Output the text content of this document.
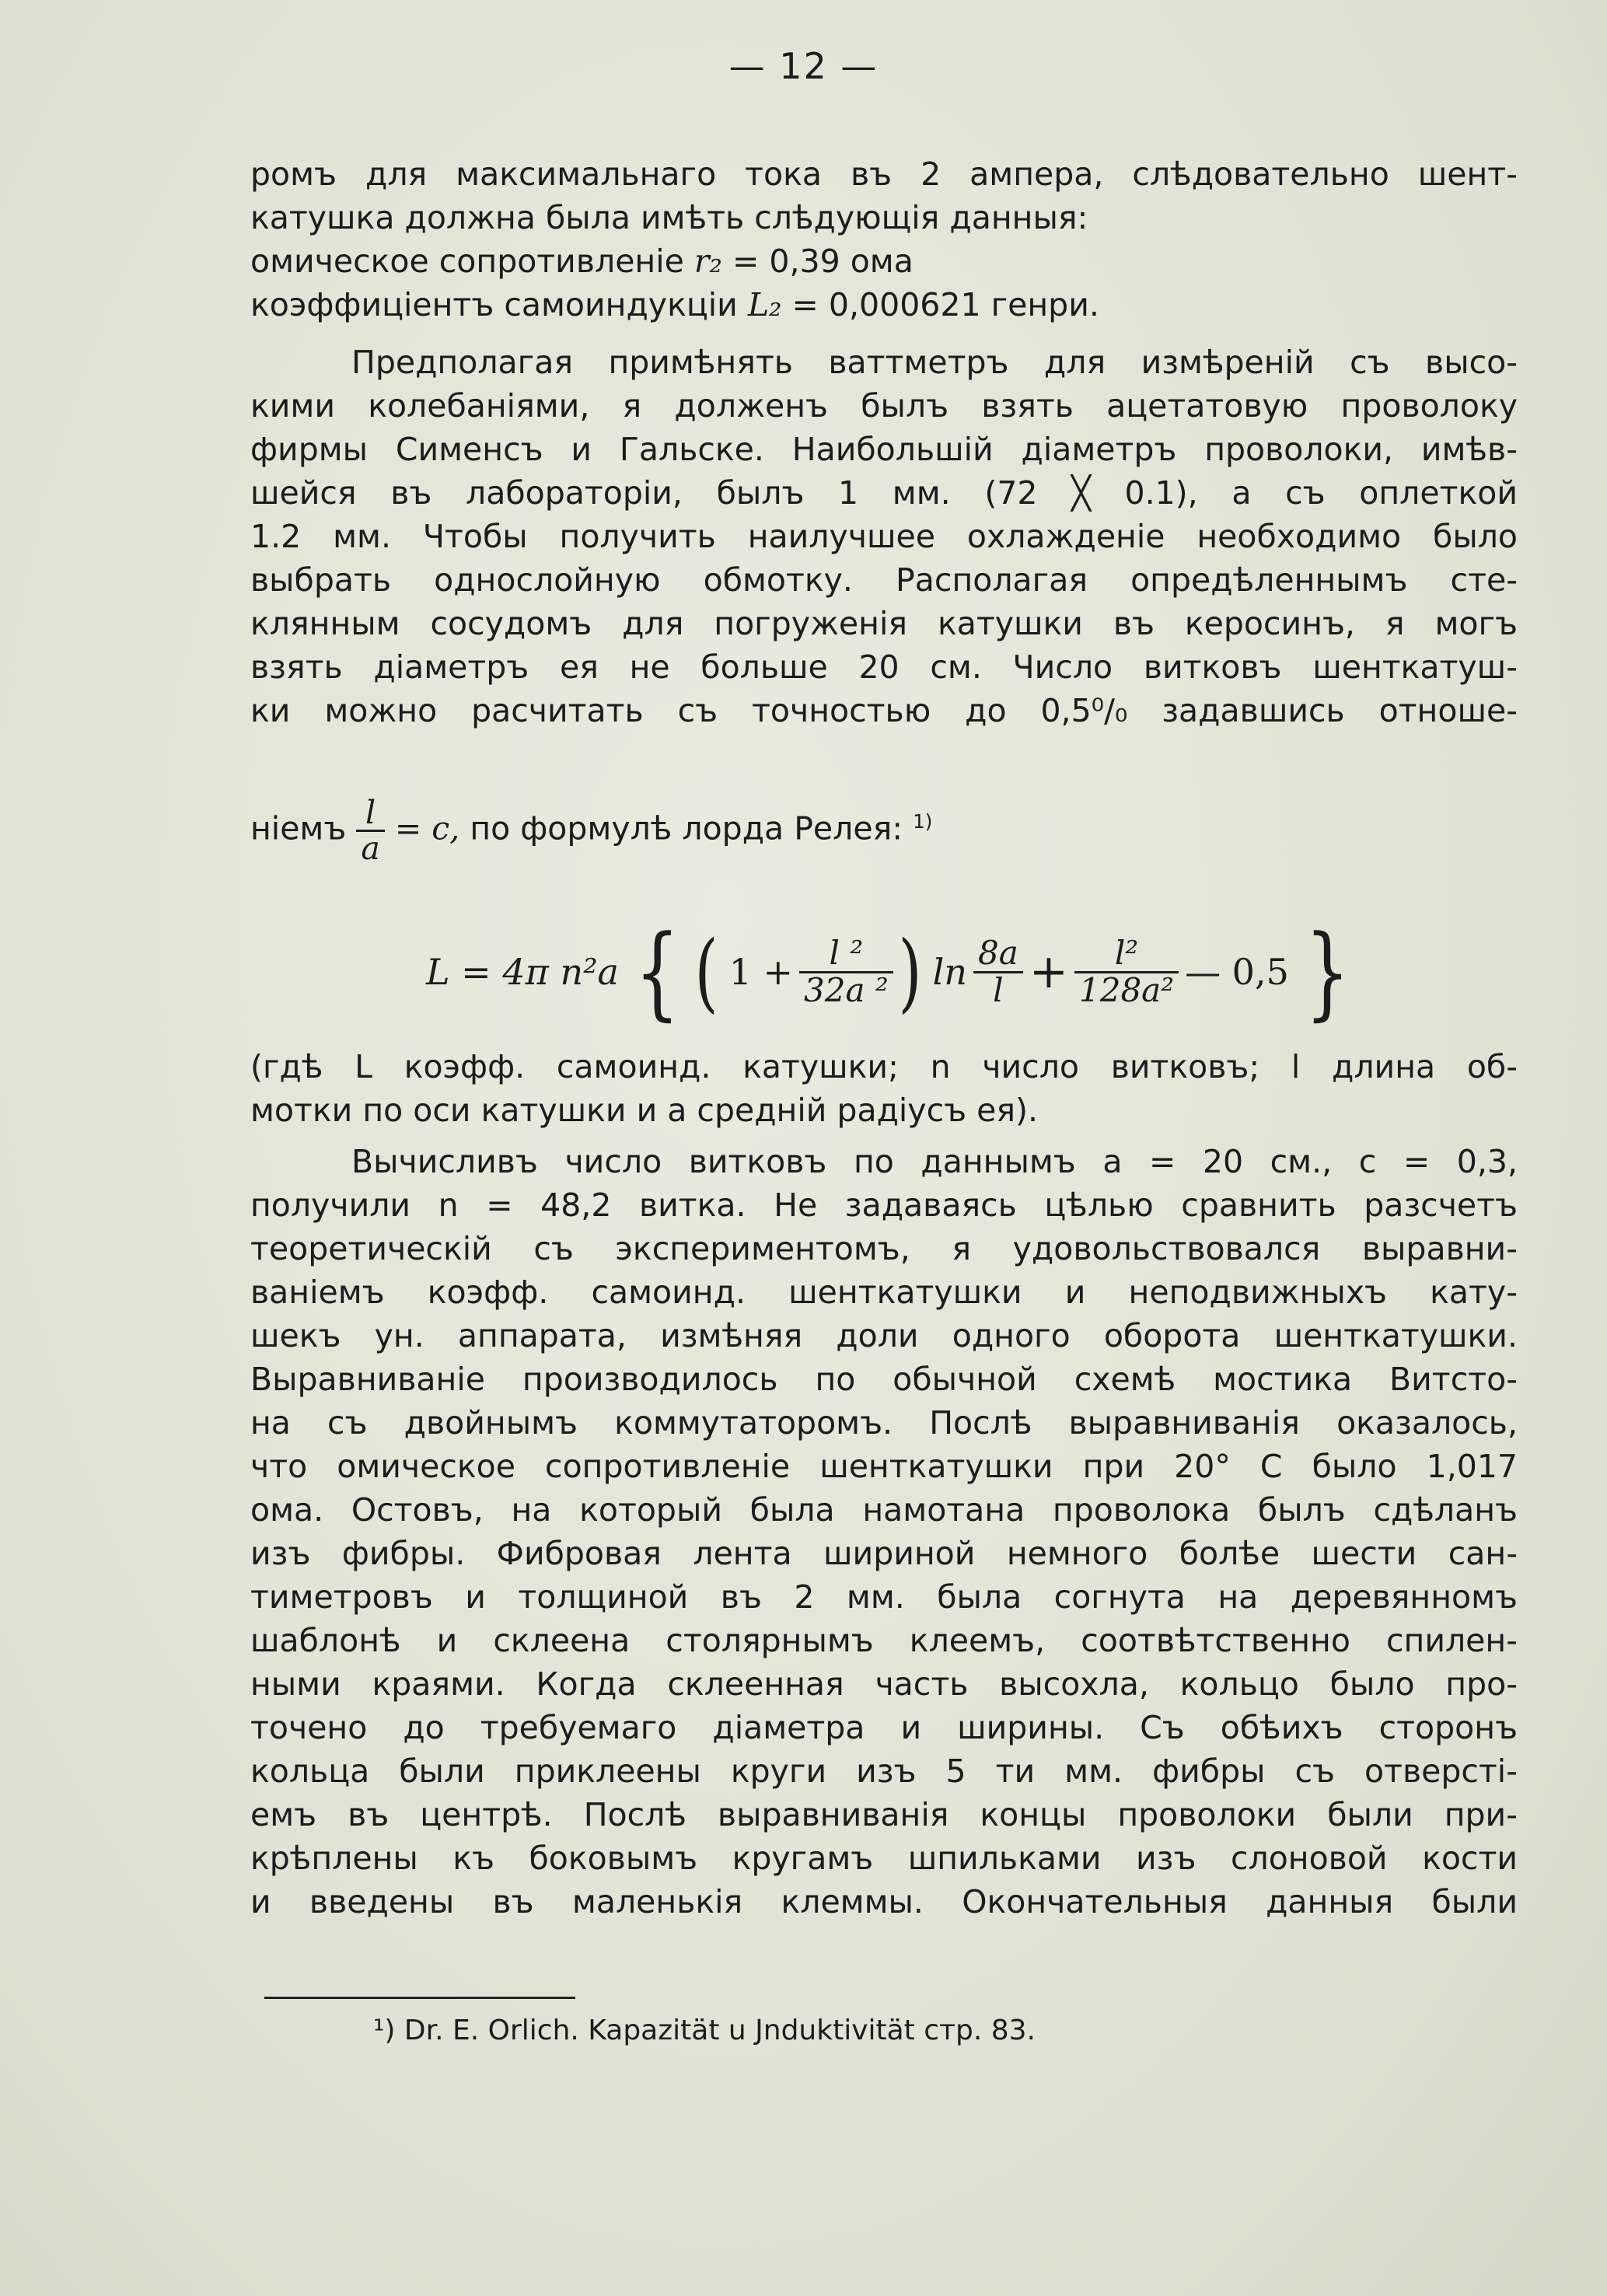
— 12 —
ромъ для максимальнаго тока въ 2 ампера, слѣдовательно шент-
катушка должна была имѣть слѣдующія данныя:
омическое сопротивленіе r₂ = 0,39 ома
коэффиціентъ самоиндукціи L₂ = 0,000621 генри.
Предполагая примѣнять ваттметръ для измѣреній съ высо-
кими колебаніями, я долженъ былъ взять ацетатовую проволоку
фирмы Сименсъ и Гальске. Наибольшій діаметръ проволоки, имѣв-
шейся въ лабораторіи, былъ 1 мм. (72 ╳ 0.1), а съ оплеткой
1.2 мм. Чтобы получить наилучшее охлажденіе необходимо было
выбрать однослойную обмотку. Располагая опредѣленнымъ сте-
клянным сосудомъ для погруженія катушки въ керосинъ, я могъ
взять діаметръ ея не больше 20 см. Число витковъ шенткатуш-
ки можно расчитать съ точностью до 0,5⁰/₀ задавшись отноше-
ніемъ $\frac{l}{a} = c$, по формулѣ лорда Релея: $^{1)}$
L = 4π n²a { ( $1 + \frac{\text{l ²}}{\text{32a ²}}$ ) $\ln \frac{8a}{l} + \frac{\text{l²}}{\text{128a²}}$ — 0,5 }
(гдѣ L коэфф. самоинд. катушки; n число витковъ; l длина об-
мотки по оси катушки и a средній радіусъ ея).
Вычисливъ число витковъ по даннымъ a = 20 см., c = 0,3,
получили n = 48,2 витка. Не задаваясь цѣлью сравнить разсчетъ
теоретическій съ экспериментомъ, я удовольствовался выравни-
ваніемъ коэфф. самоинд. шенткатушки и неподвижныхъ кату-
шекъ ун. аппарата, измѣняя доли одного оборота шенткатушки.
Выравниваніе производилось по обычной схемѣ мостика Витсто-
на съ двойнымъ коммутаторомъ. Послѣ выравниванія оказалось,
что омическое сопротивленіе шенткатушки при 20° C было 1,017
ома. Остовъ, на который была намотана проволока былъ сдѣланъ
изъ фибры. Фибровая лента шириной немного болѣе шести сан-
тиметровъ и толщиной въ 2 мм. была согнута на деревянномъ
шаблонѣ и склеена столярнымъ клеемъ, соотвѣтственно спилен-
ными краями. Когда склеенная часть высохла, кольцо было про-
точено до требуемаго діаметра и ширины. Съ обѣихъ сторонъ
кольца были приклеены круги изъ 5 ти мм. фибры съ отверстi-
емъ въ центрѣ. Послѣ выравниванія концы проволоки были при-
крѣплены къ боковымъ кругамъ шпильками изъ слоновой кости
и введены въ маленькія клеммы. Окончательныя данныя были
¹) Dr. E. Orlich. Kapazität u Jnduktivität стр. 83.
